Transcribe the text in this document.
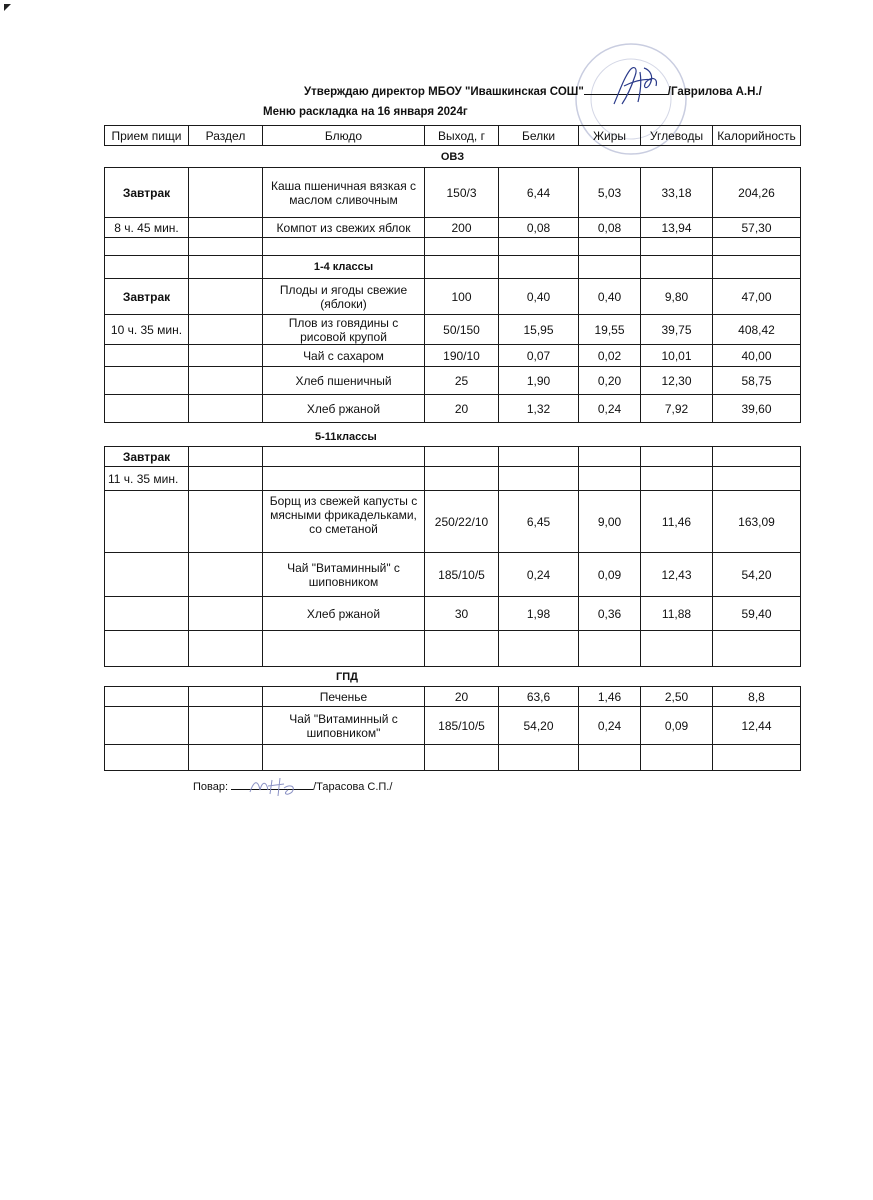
Утверждаю директор МБОУ "Ивашкинская СОШ"	/Гаврилова А.Н./
Меню раскладка на 16 января 2024г
Прием пищи	Раздел	Блюдо	Выход, г	Белки	Жиры	Углеводы	Калорийность
ОВЗ							
Завтрак		Каша пшеничная вязкая с маслом сливочным	150/3	6,44	5,03	33,18	204,26
8 ч. 45 мин.		Компот из свежих яблок	200	0,08	0,08	13,94	57,30

		1-4 классы					
Завтрак		Плоды и ягоды свежие (яблоки)	100	0,40	0,40	9,80	47,00
10 ч. 35 мин.		Плов из говядины с рисовой крупой	50/150	15,95	19,55	39,75	408,42
		Чай с сахаром	190/10	0,07	0,02	10,01	40,00
		Хлеб пшеничный	25	1,90	0,20	12,30	58,75
		Хлеб ржаной	20	1,32	0,24	7,92	39,60
5-11классы
Завтрак							
11 ч. 35 мин.							
		Борщ из свежей капусты с мясными фрикадельками, со сметаной	250/22/10	6,45	9,00	11,46	163,09
		Чай "Витаминный" с шиповником	185/10/5	0,24	0,09	12,43	54,20
		Хлеб ржаной	30	1,98	0,36	11,88	59,40

ГПД
		Печенье	20	63,6	1,46	2,50	8,8
		Чай "Витаминный с шиповником"	185/10/5	54,20	0,24	0,09	12,44

Повар:	/Тарасова С.П./
